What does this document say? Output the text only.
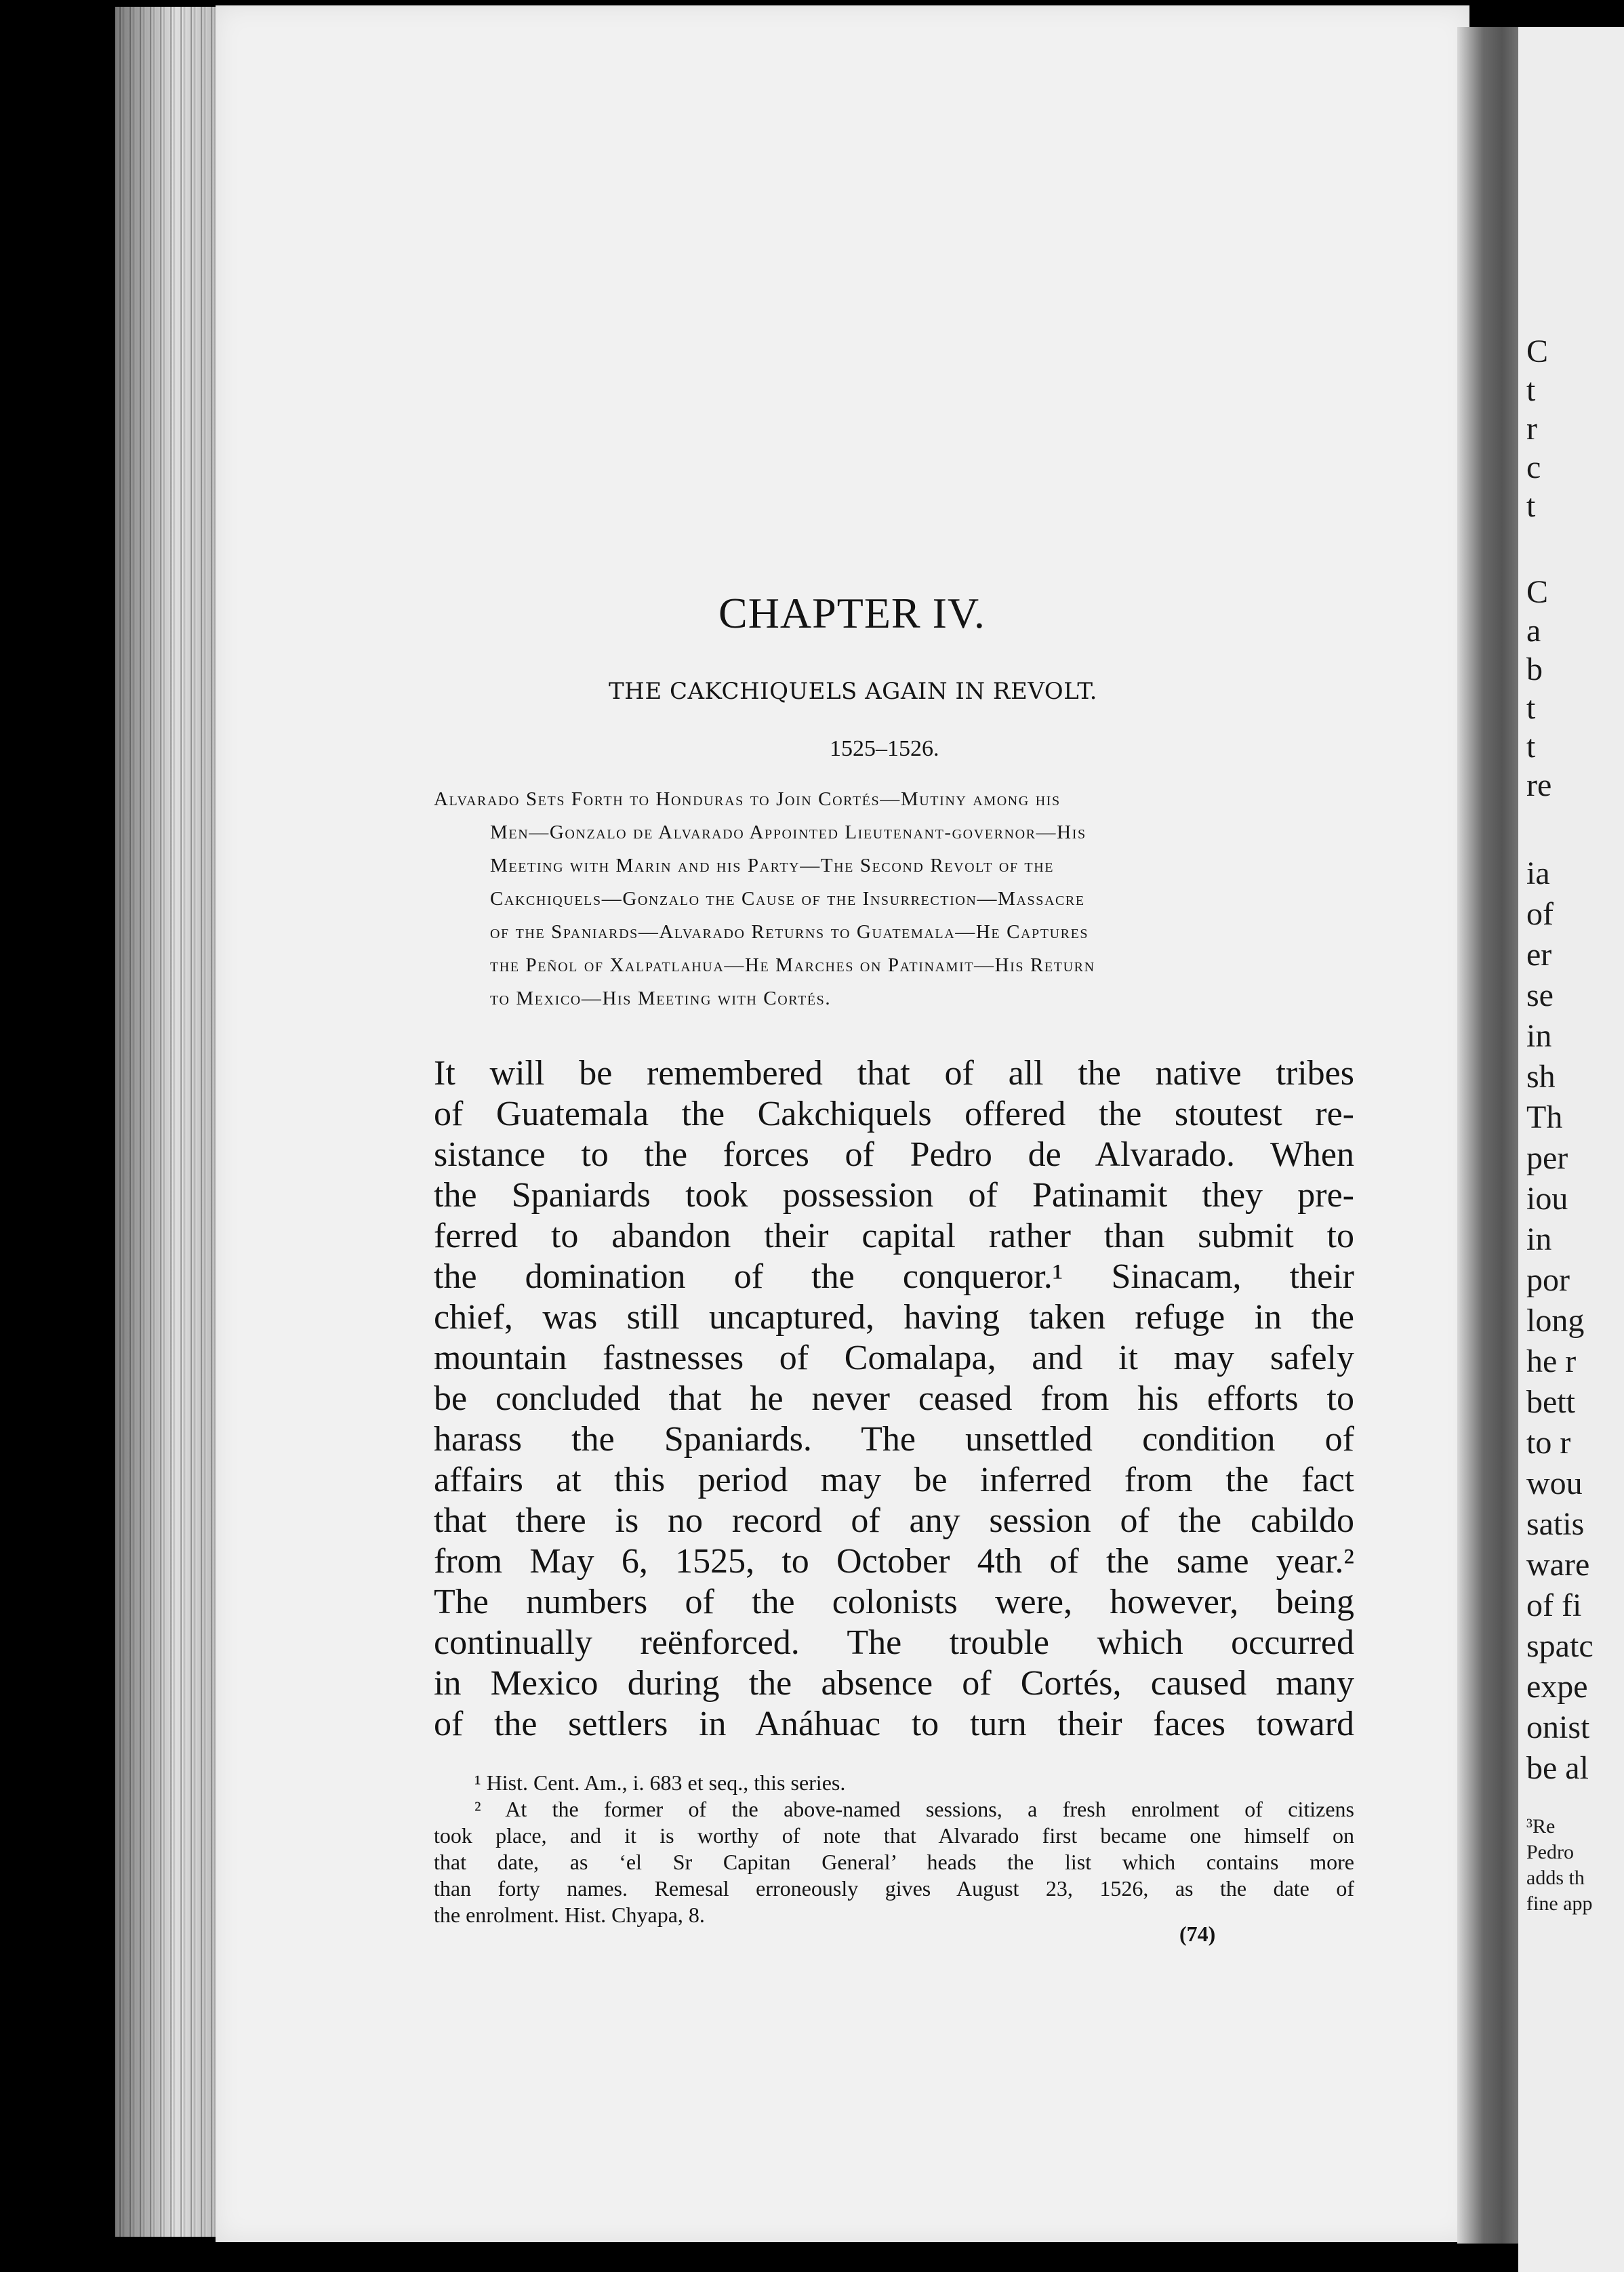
C
t
r
c
t
C
a
b
t
t
re
ia
of
er
se
in
sh
Th
per
iou
in
por
long
he r
bett
to r
wou
satis
ware
of fi
spatc
expe
onist
be al
³Re
Pedro
adds th
fine app
CHAPTER IV.
THE CAKCHIQUELS AGAIN IN REVOLT.
1525–1526.
Alvarado Sets Forth to Honduras to Join Cortés—Mutiny among his
Men—Gonzalo de Alvarado Appointed Lieutenant-governor—His
Meeting with Marin and his Party—The Second Revolt of the
Cakchiquels—Gonzalo the Cause of the Insurrection—Massacre
of the Spaniards—Alvarado Returns to Guatemala—He Captures
the Peñol of Xalpatlahua—He Marches on Patinamit—His Return
to Mexico—His Meeting with Cortés.
It will be remembered that of all the native tribes
of Guatemala the Cakchiquels offered the stoutest re-
sistance to the forces of Pedro de Alvarado. When
the Spaniards took possession of Patinamit they pre-
ferred to abandon their capital rather than submit to
the domination of the conqueror.¹ Sinacam, their
chief, was still uncaptured, having taken refuge in the
mountain fastnesses of Comalapa, and it may safely
be concluded that he never ceased from his efforts to
harass the Spaniards. The unsettled condition of
affairs at this period may be inferred from the fact
that there is no record of any session of the cabildo
from May 6, 1525, to October 4th of the same year.²
The numbers of the colonists were, however, being
continually reënforced. The trouble which occurred
in Mexico during the absence of Cortés, caused many
of the settlers in Anáhuac to turn their faces toward
¹ Hist. Cent. Am., i. 683 et seq., this series.
² At the former of the above-named sessions, a fresh enrolment of citizens
took place, and it is worthy of note that Alvarado first became one himself on
that date, as ‘el Sr Capitan General’ heads the list which contains more
than forty names. Remesal erroneously gives August 23, 1526, as the date of
the enrolment. Hist. Chyapa, 8.
(74)
